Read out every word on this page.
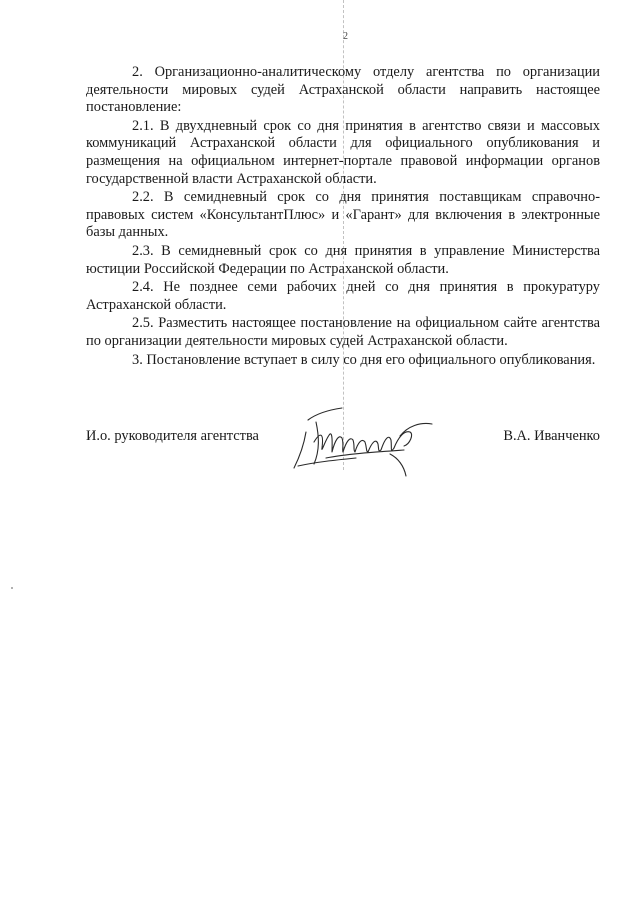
2

2. Организационно-аналитическому отделу агентства по организации деятельности мировых судей Астраханской области направить настоящее постановление:

2.1. В двухдневный срок со дня принятия в агентство связи и массовых коммуникаций Астраханской области для официального опубликования и размещения на официальном интернет-портале правовой информации органов государственной власти Астраханской области.

2.2. В семидневный срок со дня принятия поставщикам справочно-правовых систем «КонсультантПлюс» и «Гарант» для включения в электронные базы данных.

2.3. В семидневный срок со дня принятия в управление Министерства юстиции Российской Федерации по Астраханской области.

2.4. Не позднее семи рабочих дней со дня принятия в прокуратуру Астраханской области.

2.5. Разместить настоящее постановление на официальном сайте агентства по организации деятельности мировых судей Астраханской области.

3. Постановление вступает в силу со дня его официального опубликования.

И.о. руководителя агентства	В.А. Иванченко
